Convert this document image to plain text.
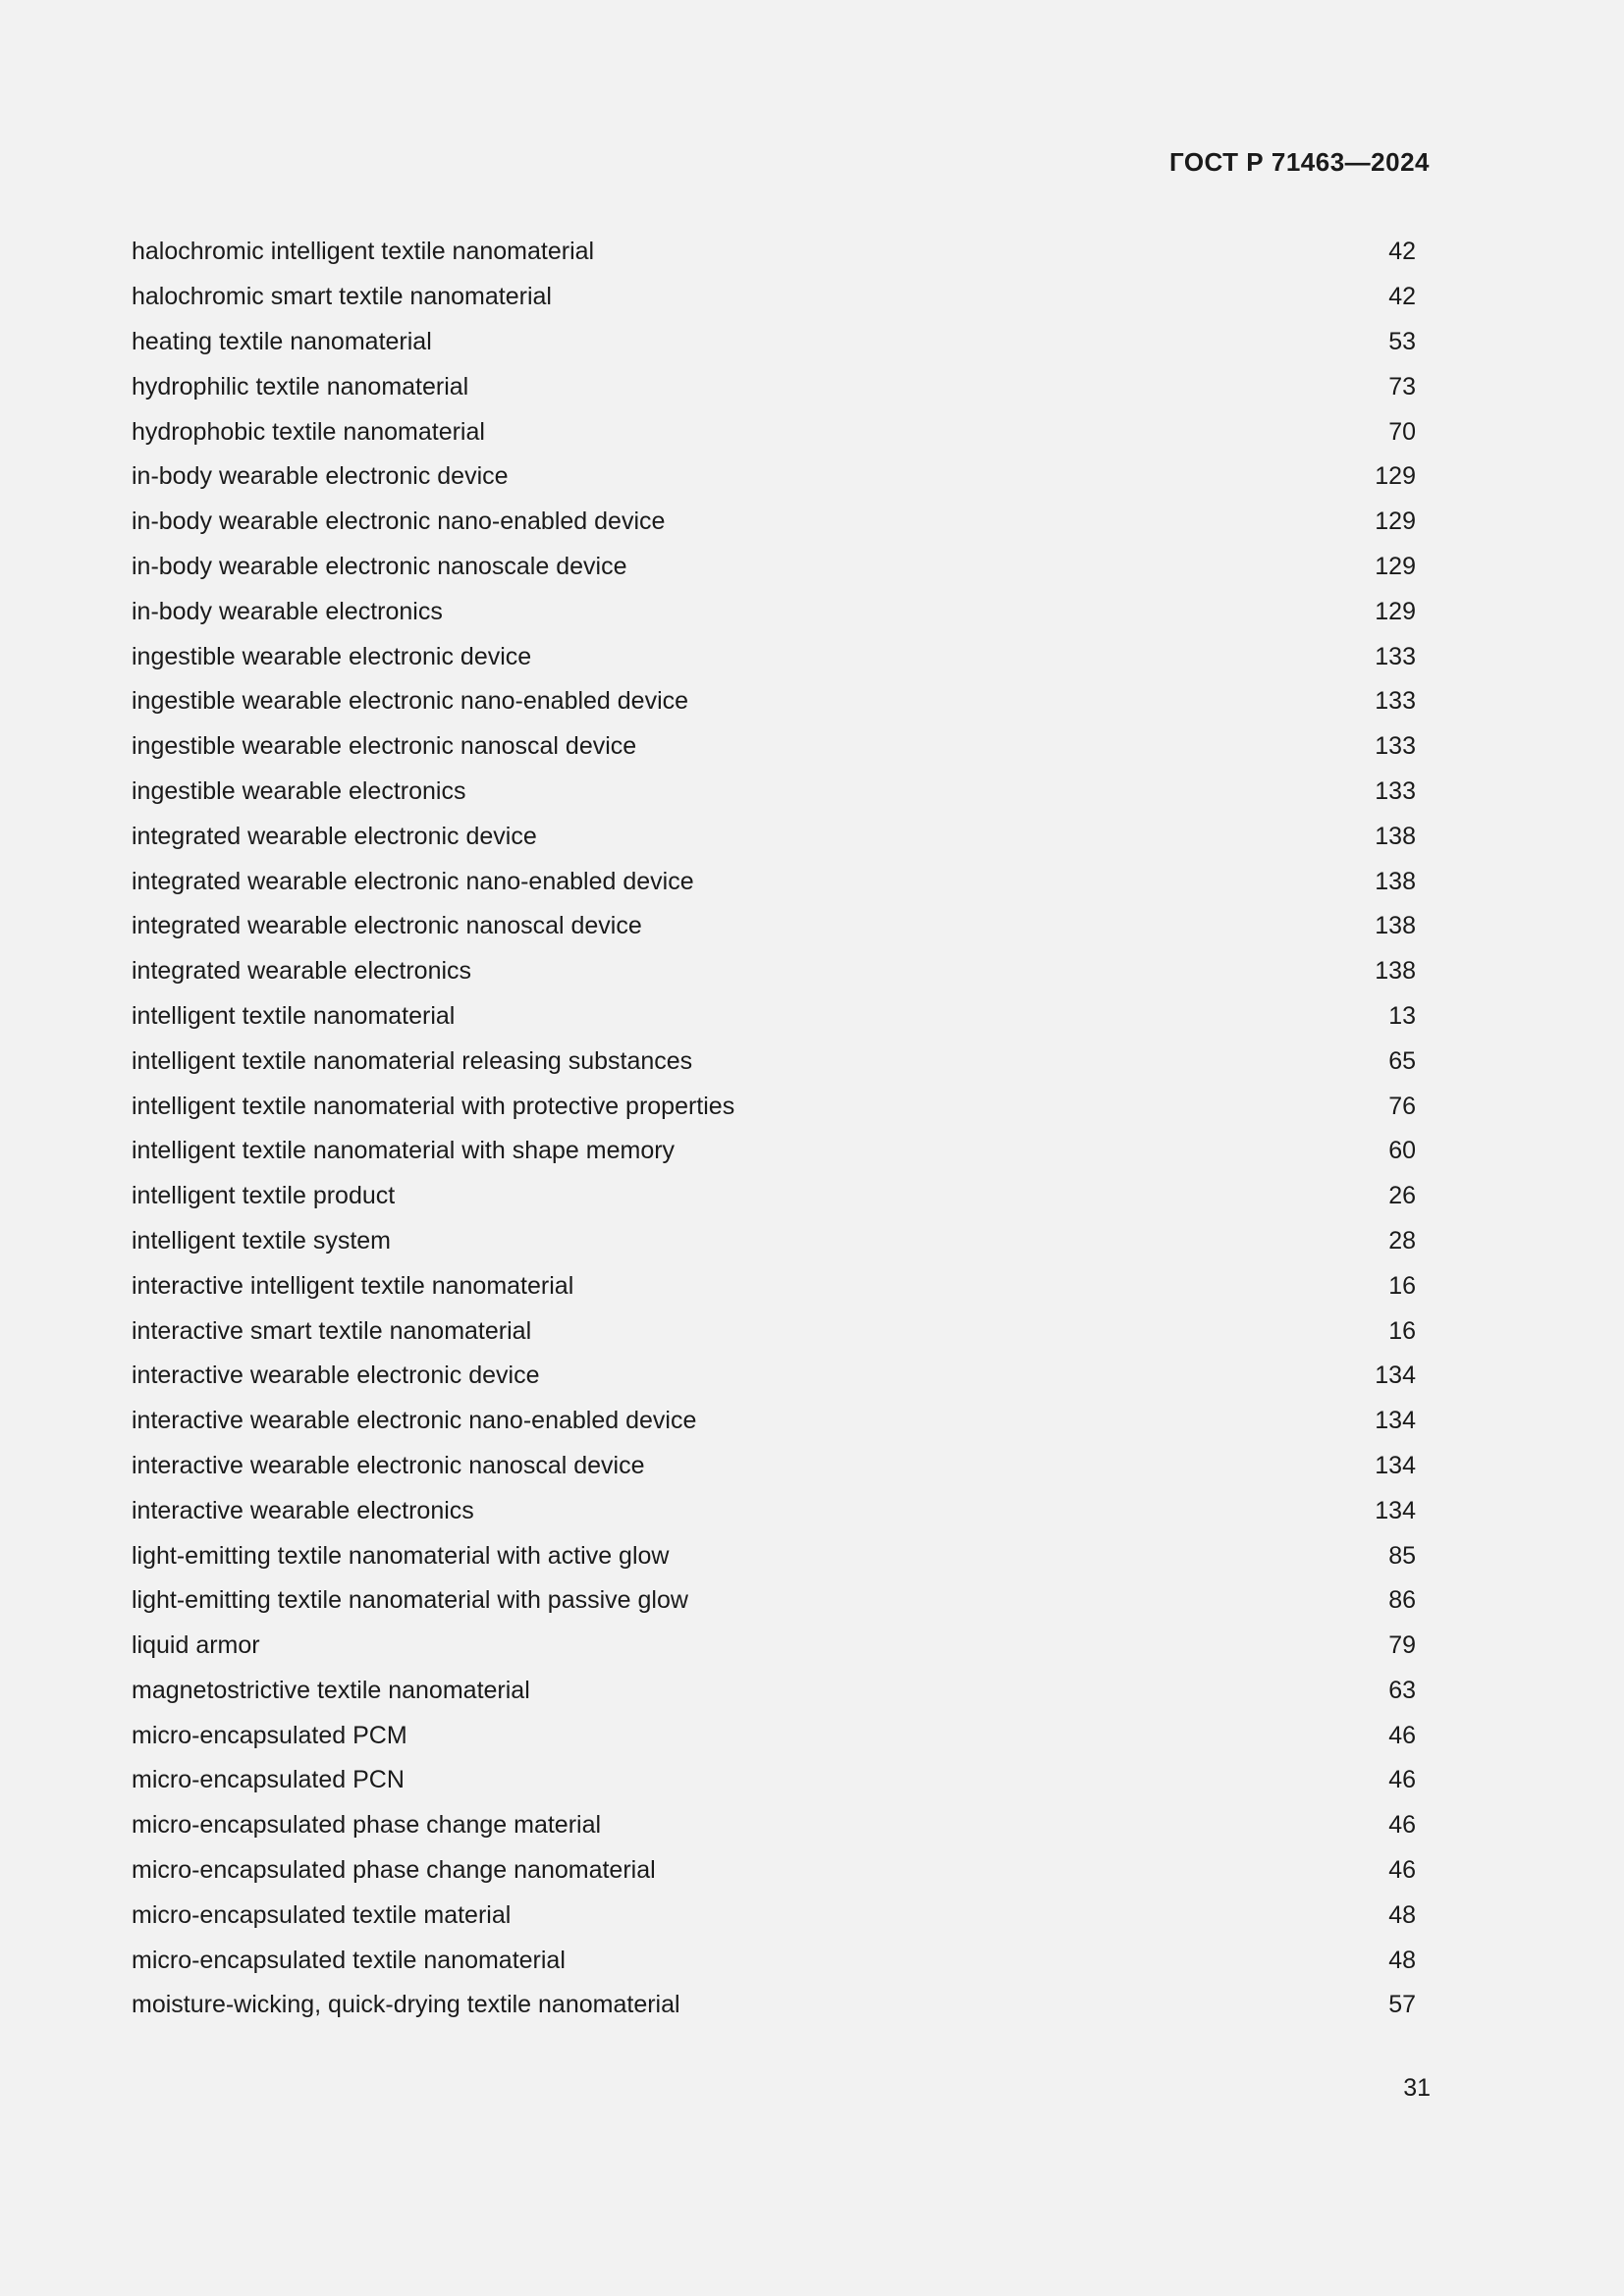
ГОСТ Р 71463—2024
halochromic intelligent textile nanomaterial	42
halochromic smart textile nanomaterial	42
heating textile nanomaterial	53
hydrophilic textile nanomaterial	73
hydrophobic textile nanomaterial	70
in-body wearable electronic device	129
in-body wearable electronic nano-enabled device	129
in-body wearable electronic nanoscale device	129
in-body wearable electronics	129
ingestible wearable electronic device	133
ingestible wearable electronic nano-enabled device	133
ingestible wearable electronic nanoscal device	133
ingestible wearable electronics	133
integrated wearable electronic device	138
integrated wearable electronic nano-enabled device	138
integrated wearable electronic nanoscal device	138
integrated wearable electronics	138
intelligent textile nanomaterial	13
intelligent textile nanomaterial releasing substances	65
intelligent textile nanomaterial with protective properties	76
intelligent textile nanomaterial with shape memory	60
intelligent textile product	26
intelligent textile system	28
interactive intelligent textile nanomaterial	16
interactive smart textile nanomaterial	16
interactive wearable electronic device	134
interactive wearable electronic nano-enabled device	134
interactive wearable electronic nanoscal device	134
interactive wearable electronics	134
light-emitting textile nanomaterial with active glow	85
light-emitting textile nanomaterial with passive glow	86
liquid armor	79
magnetostrictive textile nanomaterial	63
micro-encapsulated PCM	46
micro-encapsulated PCN	46
micro-encapsulated phase change material	46
micro-encapsulated phase change nanomaterial	46
micro-encapsulated textile material	48
micro-encapsulated textile nanomaterial	48
moisture-wicking, quick-drying textile nanomaterial	57
31
